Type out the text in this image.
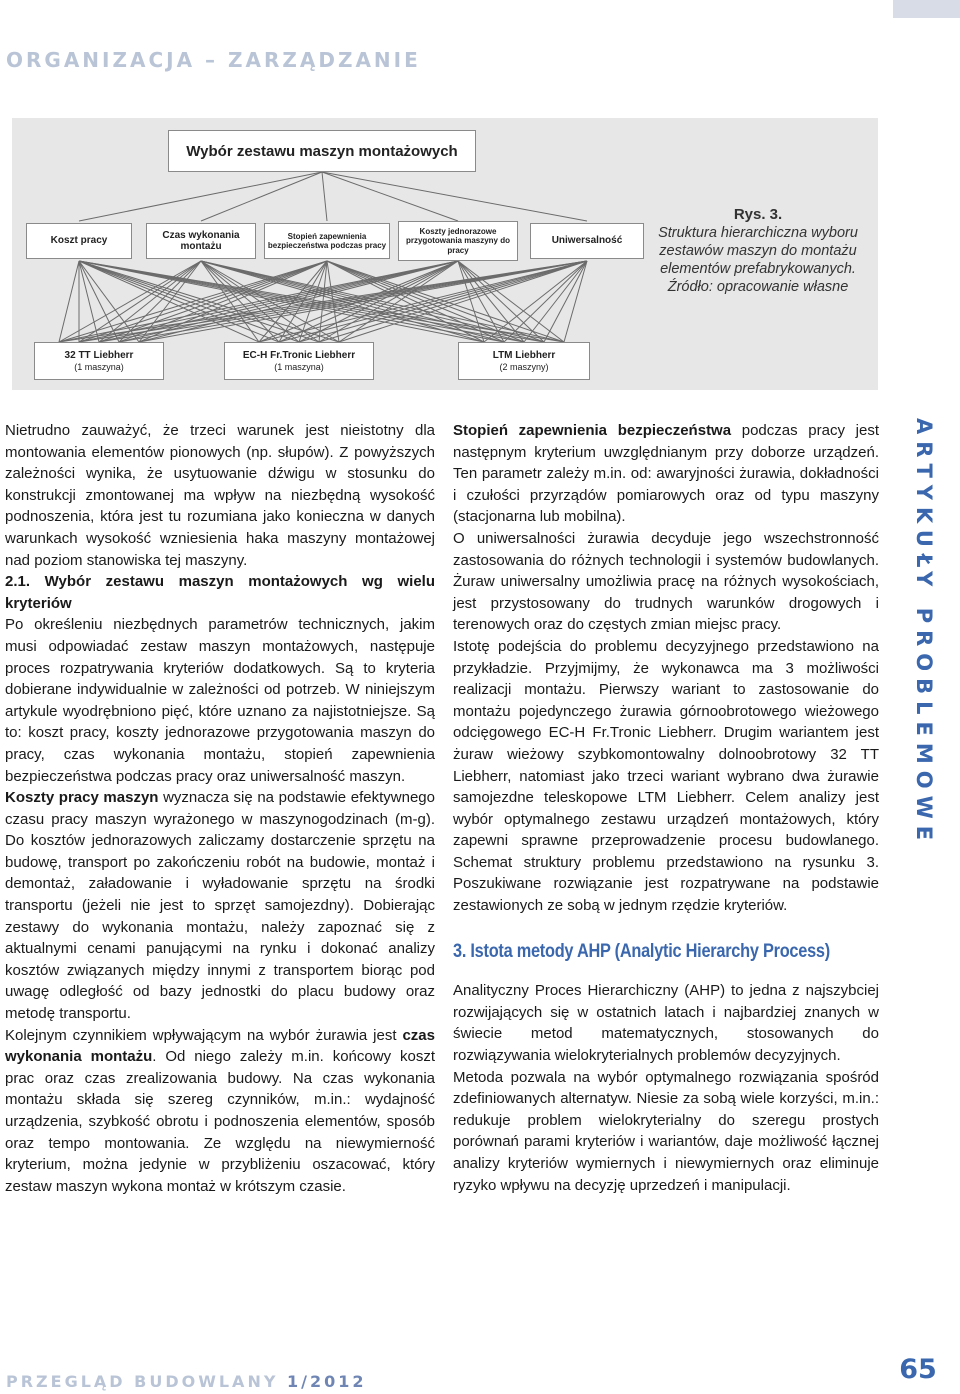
ORGANIZACJA – ZARZĄDZANIE
ARTYKUŁY PROBLEMOWE
Wybór zestawu maszyn montażowych
Koszt pracy
Czas wykonania montażu
Stopień zapewnienia bezpieczeństwa podczas pracy
Koszty jednorazowe przygotowania maszyny do pracy
Uniwersalność
32 TT Liebherr
(1 maszyna)
EC-H Fr.Tronic Liebherr
(1 maszyna)
LTM Liebherr
(2 maszyny)
Rys. 3.
Struktura hierarchiczna wyboru zestawów maszyn do montażu elementów prefabrykowanych. Źródło: opracowanie własne

Nietrudno zauważyć, że trzeci warunek jest nieistotny dla montowania elementów pionowych (np. słupów). Z powyższych zależności wynika, że usytuowanie dźwigu w stosunku do konstrukcji zmontowanej ma wpływ na niezbędną wysokość podnoszenia, która jest tu rozumiana jako konieczna w danych warunkach wysokość wzniesienia haka maszyny montażowej nad poziom stanowiska tej maszyny.

2.1. Wybór zestawu maszyn montażowych wg wielu kryteriów

Po określeniu niezbędnych parametrów technicznych, jakim musi odpowiadać zestaw maszyn montażowych, następuje proces rozpatrywania kryteriów dodatkowych. Są to kryteria dobierane indywidualnie w zależności od potrzeb. W niniejszym artykule wyodrębniono pięć, które uznano za najistotniejsze. Są to: koszt pracy, koszty jednorazowe przygotowania maszyn do pracy, czas wykonania montażu, stopień zapewnienia bezpieczeństwa podczas pracy oraz uniwersalność maszyn.

Koszty pracy maszyn wyznacza się na podstawie efektywnego czasu pracy maszyn wyrażonego w maszynogodzinach (m-g). Do kosztów jednorazowych zaliczamy dostarczenie sprzętu na budowę, transport po zakończeniu robót na budowie, montaż i demontaż, załadowanie i wyładowanie sprzętu na środki transportu (jeżeli nie jest to sprzęt samojezdny). Dobierając zestawy do wykonania montażu, należy zapoznać się z aktualnymi cenami panującymi na rynku i dokonać analizy kosztów związanych między innymi z transportem biorąc pod uwagę odległość od bazy jednostki do placu budowy oraz metodę transportu.

Kolejnym czynnikiem wpływającym na wybór żurawia jest czas wykonania montażu. Od niego zależy m.in. końcowy koszt prac oraz czas zrealizowania budowy. Na czas wykonania montażu składa się szereg czynników, m.in.: wydajność urządzenia, szybkość obrotu i podnoszenia elementów, sposób oraz tempo montowania. Ze względu na niewymierność kryterium, można jedynie w przybliżeniu oszacować, który zestaw maszyn wykona montaż w krótszym czasie.

Stopień zapewnienia bezpieczeństwa podczas pracy jest następnym kryterium uwzględnianym przy doborze urządzeń. Ten parametr zależy m.in. od: awaryjności żurawia, dokładności i czułości przyrządów pomiarowych oraz od typu maszyny (stacjonarna lub mobilna).

O uniwersalności żurawia decyduje jego wszechstronność zastosowania do różnych technologii i systemów budowlanych. Żuraw uniwersalny umożliwia pracę na różnych wysokościach, jest przystosowany do trudnych warunków drogowych i terenowych oraz do częstych zmian miejsc pracy.

Istotę podejścia do problemu decyzyjnego przedstawiono na przykładzie. Przyjmijmy, że wykonawca ma 3 możliwości realizacji montażu. Pierwszy wariant to zastosowanie do montażu pojedynczego żurawia górnoobrotowego wieżowego odcięgowego EC-H Fr.Tronic Liebherr. Drugim wariantem jest żuraw wieżowy szybkomontowalny dolnoobrotowy 32 TT Liebherr, natomiast jako trzeci wariant wybrano dwa żurawie samojezdne teleskopowe LTM Liebherr. Celem analizy jest wybór optymalnego zestawu urządzeń montażowych, który zapewni sprawne przeprowadzenie procesu budowlanego. Schemat struktury problemu przedstawiono na rysunku 3. Poszukiwane rozwiązanie jest rozpatrywane na podstawie zestawionych ze sobą w jednym rzędzie kryteriów.

3. Istota metody AHP (Analytic Hierarchy Process)

Analityczny Proces Hierarchiczny (AHP) to jedna z najszybciej rozwijających się w ostatnich latach i najbardziej znanych w świecie metod matematycznych, stosowanych do rozwiązywania wielokryterialnych problemów decyzyjnych.

Metoda pozwala na wybór optymalnego rozwiązania spośród zdefiniowanych alternatyw. Niesie za sobą wiele korzyści, m.in.: redukuje problem wielokryterialny do szeregu prostych porównań parami kryteriów i wariantów, daje możliwość łącznej analizy kryteriów wymiernych i niewymiernych oraz eliminuje ryzyko wpływu na decyzję uprzedzeń i manipulacji.

PRZEGLĄD BUDOWLANY 1/2012	65
